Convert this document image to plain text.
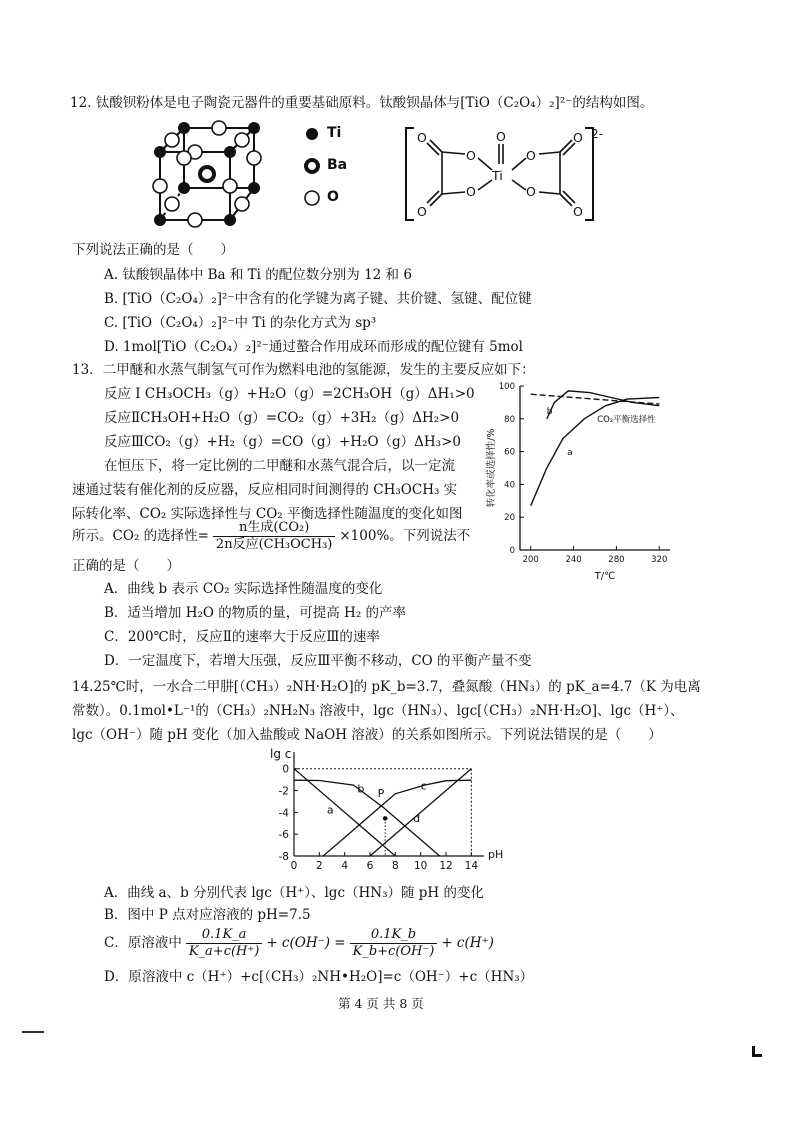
12. 钛酸钡粉体是电子陶瓷元器件的重要基础原料。钛酸钡晶体与[TiO（C₂O₄）₂]²⁻的结构如图。
Ti
Ba
O
O
O
O
O
O
Ti
O
O
O
O
2-
下列说法正确的是（　　）
A. 钛酸钡晶体中 Ba 和 Ti 的配位数分别为 12 和 6
B. [TiO（C₂O₄）₂]²⁻中含有的化学键为离子键、共价键、氢键、配位键
C. [TiO（C₂O₄）₂]²⁻中 Ti 的杂化方式为 sp³
D. 1mol[TiO（C₂O₄）₂]²⁻通过螯合作用成环而形成的配位键有 5mol
13．二甲醚和水蒸气制氢气可作为燃料电池的氢能源，发生的主要反应如下：
反应 I CH₃OCH₃（g）+H₂O（g）=2CH₃OH（g）ΔH₁>0
反应ⅡCH₃OH+H₂O（g）=CO₂（g）+3H₂（g）ΔH₂>0
反应ⅢCO₂（g）+H₂（g）=CO（g）+H₂O（g）ΔH₃>0
在恒压下，将一定比例的二甲醚和水蒸气混合后，以一定流
速通过装有催化剂的反应器，反应相同时间测得的 CH₃OCH₃ 实
际转化率、CO₂ 实际选择性与 CO₂ 平衡选择性随温度的变化如图
所示。CO₂ 的选择性= $\frac{\text{n生成(CO₂)}}{\text{2n反应(CH₃OCH₃)}} \times 100\%$。下列说法不
正确的是（　　）
A．曲线 b 表示 CO₂ 实际选择性随温度的变化
B．适当增加 H₂O 的物质的量，可提高 H₂ 的产率
C．200℃时，反应Ⅱ的速率大于反应Ⅲ的速率
D．一定温度下，若增大压强，反应Ⅲ平衡不移动，CO 的平衡产量不变
0
20
40
60
80
100
200	240	280	320
T/℃
转化率或选择性/%	a
b
CO₂平衡选择性
14.25℃时，一水合二甲肼[（CH₃）₂NH·H₂O]的 pK_b=3.7，叠氮酸（HN₃）的 pK_a=4.7（K 为电离
常数）。0.1mol•L⁻¹的（CH₃）₂NH₂N₃ 溶液中，lgc（HN₃）、lgc[（CH₃）₂NH·H₂O]、lgc（H⁺）、
lgc（OH⁻）随 pH 变化（加入盐酸或 NaOH 溶液）的关系如图所示。下列说法错误的是（　　）
0
-2
-4
-6
-8
0 2 4 6 8 10 12 14
pH
lg c
a
b	c
d
P
A．曲线 a、b 分别代表 lgc（H⁺）、lgc（HN₃）随 pH 的变化
B．图中 P 点对应溶液的 pH=7.5
C．原溶液中 $\frac{0.1K\_a}{K\_a+c(H^+)} + c(OH^-) = \frac{0.1K\_b}{K\_b+c(OH^-)} + c(H^+)$
D．原溶液中 c（H⁺）+c[（CH₃）₂NH•H₂O]=c（OH⁻）+c（HN₃）
第 4 页 共 8 页
